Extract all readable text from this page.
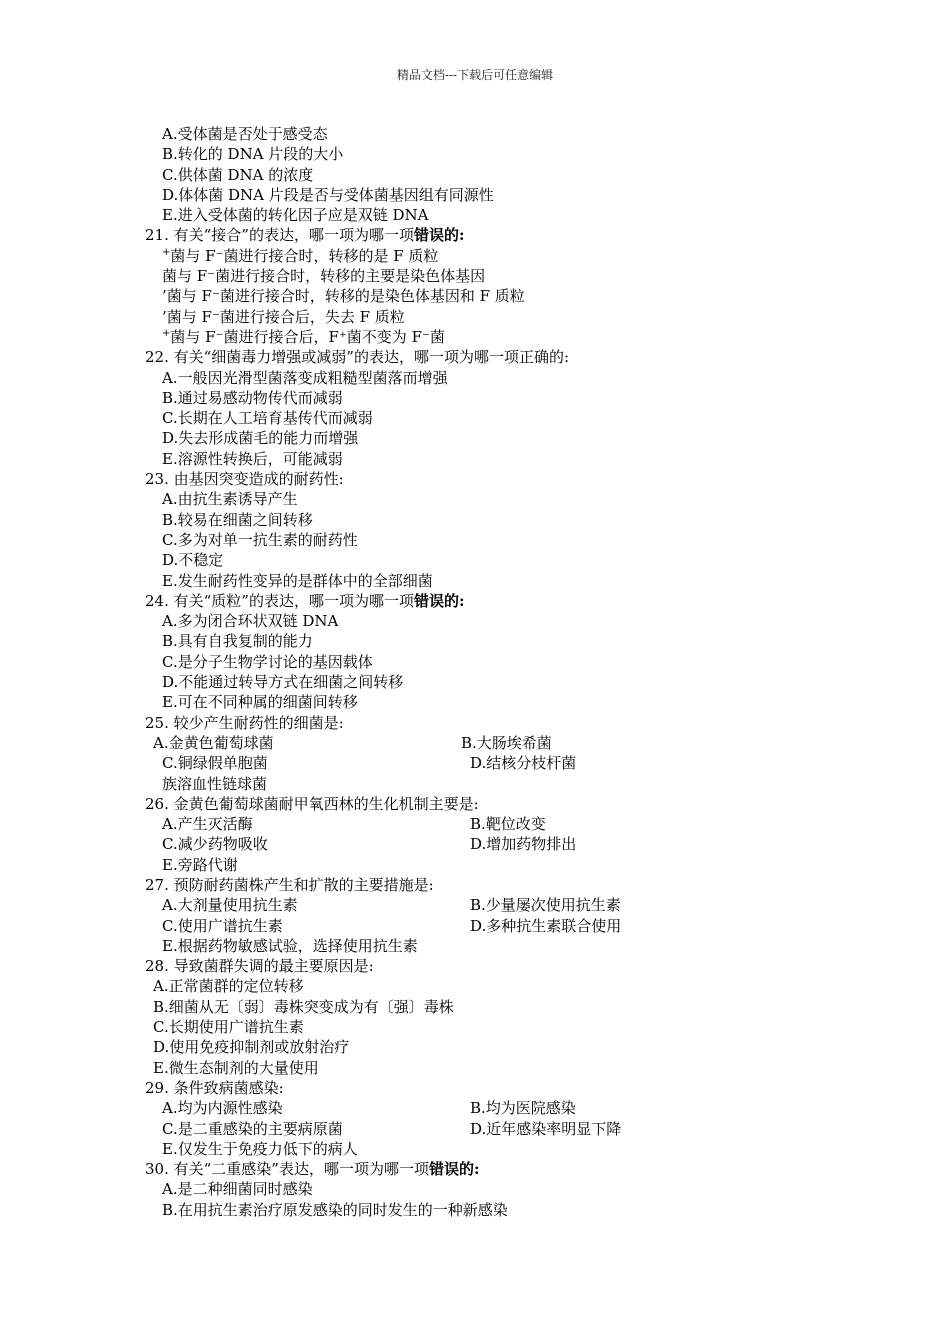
精品文档---下载后可任意编辑
A.受体菌是否处于感受态
B.转化的 DNA 片段的大小
C.供体菌 DNA 的浓度
D.体体菌 DNA 片段是否与受体菌基因组有同源性
E.进入受体菌的转化因子应是双链 DNA
21. 有关“接合”的表达，哪一项为哪一项错误的:
+菌与 F⁻菌进行接合时，转移的是 F 质粒
菌与 F⁻菌进行接合时，转移的主要是染色体基因
’菌与 F⁻菌进行接合时，转移的是染色体基因和 F 质粒
’菌与 F⁻菌进行接合后，失去 F 质粒
+菌与 F⁻菌进行接合后，F⁺菌不变为 F⁻菌
22. 有关“细菌毒力增强或减弱”的表达，哪一项为哪一项正确的:
A.一般因光滑型菌落变成粗糙型菌落而增强
B.通过易感动物传代而减弱
C.长期在人工培育基传代而减弱
D.失去形成菌毛的能力而增强
E.溶源性转换后，可能减弱
23. 由基因突变造成的耐药性:
A.由抗生素诱导产生
B.较易在细菌之间转移
C.多为对单一抗生素的耐药性
D.不稳定
E.发生耐药性变异的是群体中的全部细菌
24. 有关“质粒”的表达，哪一项为哪一项错误的:
A.多为闭合环状双链 DNA
B.具有自我复制的能力
C.是分子生物学讨论的基因载体
D.不能通过转导方式在细菌之间转移
E.可在不同种属的细菌间转移
25. 较少产生耐药性的细菌是:
A.金黄色葡萄球菌	B.大肠埃希菌
C.铜绿假单胞菌	D.结核分枝杆菌
族溶血性链球菌
26. 金黄色葡萄球菌耐甲氧西林的生化机制主要是:
A.产生灭活酶	B.靶位改变
C.减少药物吸收	D.增加药物排出
E.旁路代谢
27. 预防耐药菌株产生和扩散的主要措施是:
A.大剂量使用抗生素	B.少量屡次使用抗生素
C.使用广谱抗生素	D.多种抗生素联合使用
E.根据药物敏感试验，选择使用抗生素
28. 导致菌群失调的最主要原因是:
A.正常菌群的定位转移
B.细菌从无〔弱〕毒株突变成为有〔强〕毒株
C.长期使用广谱抗生素
D.使用免疫抑制剂或放射治疗
E.微生态制剂的大量使用
29. 条件致病菌感染:
A.均为内源性感染	B.均为医院感染
C.是二重感染的主要病原菌	D.近年感染率明显下降
E.仅发生于免疫力低下的病人
30. 有关“二重感染”表达，哪一项为哪一项错误的:
A.是二种细菌同时感染
B.在用抗生素治疗原发感染的同时发生的一种新感染
